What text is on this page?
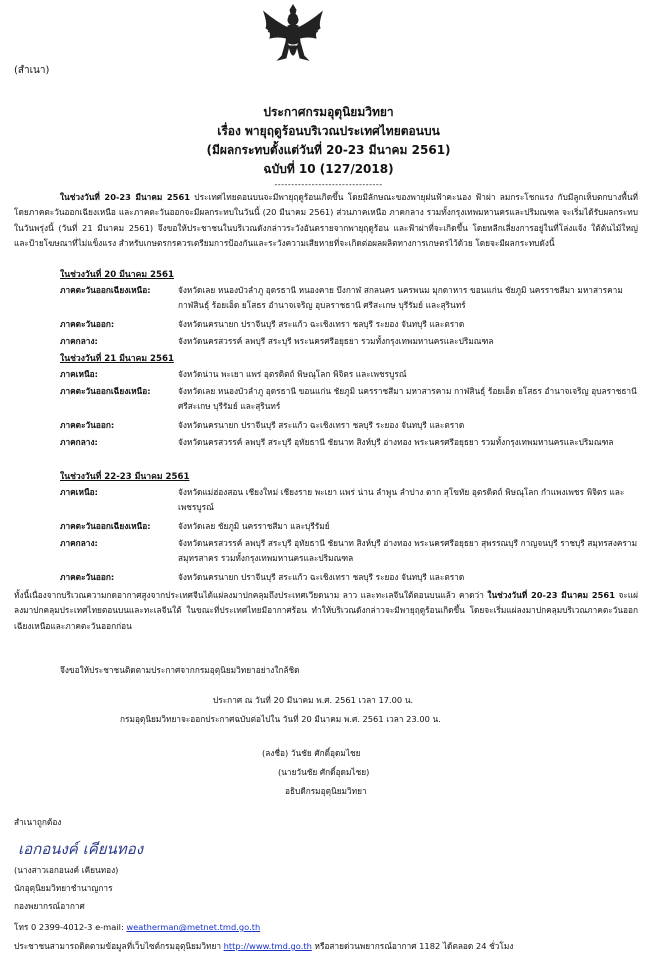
(สำเนา)
ประกาศกรมอุตุนิยมวิทยา
เรื่อง พายุฤดูร้อนบริเวณประเทศไทยตอนบน
(มีผลกระทบตั้งแต่วันที่ 20-23 มีนาคม 2561)
ฉบับที่ 10 (127/2018)
--------------------------------
ในช่วงวันที่ 20-23 มีนาคม 2561 ประเทศไทยตอนบนจะมีพายุฤดูร้อนเกิดขึ้น โดยมีลักษณะของพายุฝนฟ้าคะนอง ฟ้าผ่า ลมกระโชกแรง กับมีลูกเห็บตกบางพื้นที่ โดยภาคตะวันออกเฉียงเหนือ และภาคตะวันออกจะมีผลกระทบในวันนี้ (20 มีนาคม 2561) ส่วนภาคเหนือ ภาคกลาง รวมทั้งกรุงเทพมหานครและปริมณฑล จะเริ่มได้รับผลกระทบในวันพรุ่งนี้ (วันที่ 21 มีนาคม 2561) จึงขอให้ประชาชนในบริเวณดังกล่าวระวังอันตรายจากพายุฤดูร้อน และฟ้าผ่าที่จะเกิดขึ้น โดยหลีกเลี่ยงการอยู่ในที่โล่งแจ้ง ใต้ต้นไม้ใหญ่ และป้ายโฆษณาที่ไม่แข็งแรง สำหรับเกษตรกรควรเตรียมการป้องกันและระวังความเสียหายที่จะเกิดต่อผลผลิตทางการเกษตรไว้ด้วย โดยจะมีผลกระทบดังนี้
ในช่วงวันที่ 20 มีนาคม 2561
ภาคตะวันออกเฉียงเหนือ:	จังหวัดเลย หนองบัวลำภู อุดรธานี หนองคาย บึงกาฬ สกลนคร นครพนม มุกดาหาร ขอนแก่น ชัยภูมิ นครราชสีมา มหาสารคาม กาฬสินธุ์ ร้อยเอ็ด ยโสธร อำนาจเจริญ อุบลราชธานี ศรีสะเกษ บุรีรัมย์ และสุรินทร์
ภาคตะวันออก:	จังหวัดนครนายก ปราจีนบุรี สระแก้ว ฉะเชิงเทรา ชลบุรี ระยอง จันทบุรี และตราด
ภาคกลาง:	จังหวัดนครสวรรค์ ลพบุรี สระบุรี พระนครศรีอยุธยา รวมทั้งกรุงเทพมหานครและปริมณฑล
ในช่วงวันที่ 21 มีนาคม 2561
ภาคเหนือ:	จังหวัดน่าน พะเยา แพร่ อุตรดิตถ์ พิษณุโลก พิจิตร และเพชรบูรณ์
ภาคตะวันออกเฉียงเหนือ:	จังหวัดเลย หนองบัวลำภู อุดรธานี ขอนแก่น ชัยภูมิ นครราชสีมา มหาสารคาม กาฬสินธุ์ ร้อยเอ็ด ยโสธร อำนาจเจริญ อุบลราชธานี ศรีสะเกษ บุรีรัมย์ และสุรินทร์
ภาคตะวันออก:	จังหวัดนครนายก ปราจีนบุรี สระแก้ว ฉะเชิงเทรา ชลบุรี ระยอง จันทบุรี และตราด
ภาคกลาง:	จังหวัดนครสวรรค์ ลพบุรี สระบุรี อุทัยธานี ชัยนาท สิงห์บุรี อ่างทอง พระนครศรีอยุธยา รวมทั้งกรุงเทพมหานครและปริมณฑล
ในช่วงวันที่ 22-23 มีนาคม 2561
ภาคเหนือ:	จังหวัดแม่ฮ่องสอน เชียงใหม่ เชียงราย พะเยา แพร่ น่าน ลำพูน ลำปาง ตาก สุโขทัย อุตรดิตถ์ พิษณุโลก กำแพงเพชร พิจิตร และเพชรบูรณ์
ภาคตะวันออกเฉียงเหนือ:	จังหวัดเลย ชัยภูมิ นครราชสีมา และบุรีรัมย์
ภาคกลาง:	จังหวัดนครสวรรค์ ลพบุรี สระบุรี อุทัยธานี ชัยนาท สิงห์บุรี อ่างทอง พระนครศรีอยุธยา สุพรรณบุรี กาญจนบุรี ราชบุรี สมุทรสงคราม สมุทรสาคร รวมทั้งกรุงเทพมหานครและปริมณฑล
ภาคตะวันออก:	จังหวัดนครนายก ปราจีนบุรี สระแก้ว ฉะเชิงเทรา ชลบุรี ระยอง จันทบุรี และตราด
ทั้งนี้เนื่องจากบริเวณความกดอากาศสูงจากประเทศจีนได้แผ่ลงมาปกคลุมถึงประเทศเวียดนาม ลาว และทะเลจีนใต้ตอนบนแล้ว คาดว่า ในช่วงวันที่ 20-23 มีนาคม 2561 จะแผ่ลงมาปกคลุมประเทศไทยตอนบนและทะเลจีนใต้ ในขณะที่ประเทศไทยมีอากาศร้อน ทำให้บริเวณดังกล่าวจะมีพายุฤดูร้อนเกิดขึ้น โดยจะเริ่มแผ่ลงมาปกคลุมบริเวณภาคตะวันออกเฉียงเหนือและภาคตะวันออกก่อน
จึงขอให้ประชาชนติดตามประกาศจากกรมอุตุนิยมวิทยาอย่างใกล้ชิด
ประกาศ ณ วันที่ 20 มีนาคม พ.ศ. 2561 เวลา 17.00 น.
กรมอุตุนิยมวิทยาจะออกประกาศฉบับต่อไปใน วันที่ 20 มีนาคม พ.ศ. 2561 เวลา 23.00 น.
(ลงชื่อ) วันชัย ศักดิ์อุดมไชย
(นายวันชัย ศักดิ์อุดมไชย)
อธิบดีกรมอุตุนิยมวิทยา
สำเนาถูกต้อง
เอกอนงค์ เคียนทอง
(นางสาวเอกอนงค์ เคียนทอง)
นักอุตุนิยมวิทยาชำนาญการ
กองพยากรณ์อากาศ
โทร 0 2399-4012-3 e-mail: weatherman@metnet.tmd.go.th
ประชาชนสามารถติดตามข้อมูลที่เว็บไซต์กรมอุตุนิยมวิทยา http://www.tmd.go.th หรือสายด่วนพยากรณ์อากาศ 1182 ได้ตลอด 24 ชั่วโมง
